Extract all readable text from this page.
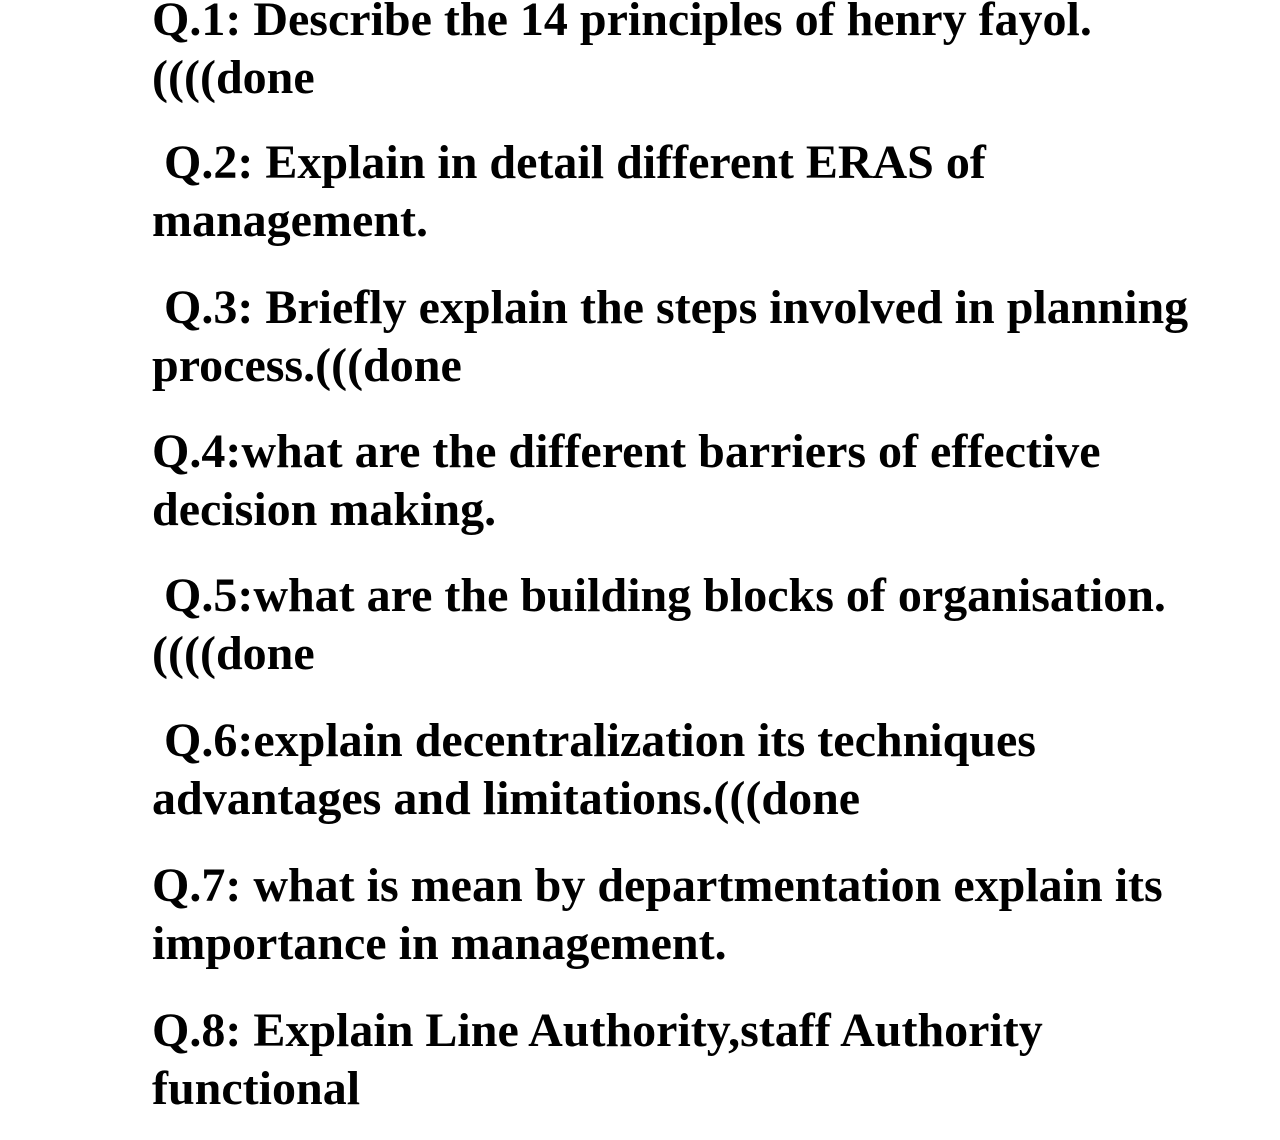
Q.1: Describe the 14 principles of henry fayol.((((done

Q.2: Explain in detail different ERAS of management.

Q.3: Briefly explain the steps involved in planning process.(((done

Q.4:what are the different barriers of effective decision making.

Q.5:what are the building blocks of organisation.((((done

Q.6:explain decentralization its techniques advantages and limitations.(((done

Q.7: what is mean by departmentation explain its importance in management.

Q.8: Explain Line Authority,staff Authority functional
